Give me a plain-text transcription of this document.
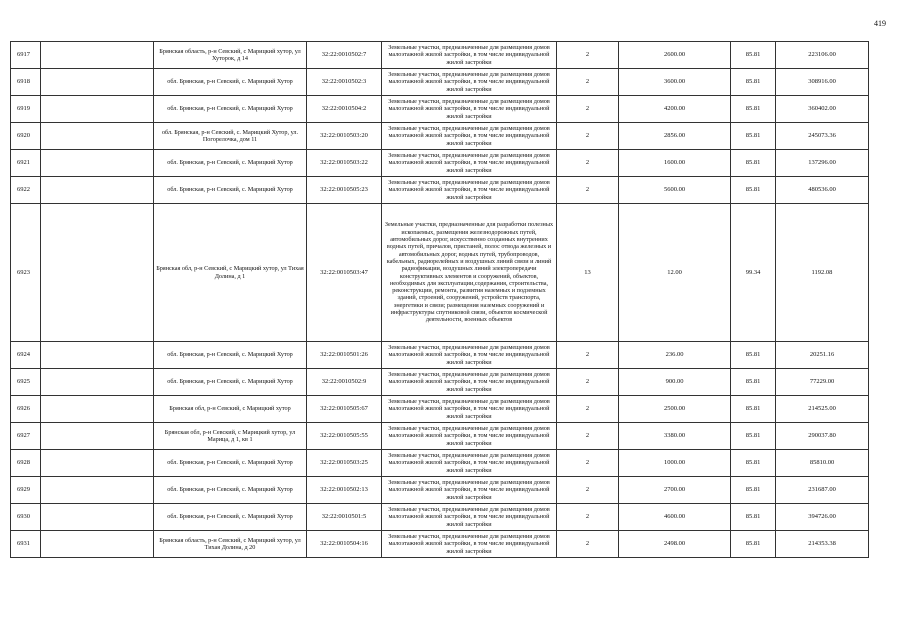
419
6917		Брянская область, р-н Севский, с Марицкий хутор, ул Хуторок, д 14	32:22:0010502:7	Земельные участки, предназначенные для размещения домов малоэтажной жилой застройки, в том числе индивидуальной жилой застройки	2	2600.00	85.81	223106.00
6918		обл. Брянская, р-н Севский, с. Марицкий Хутор	32:22:0010502:3	Земельные участки, предназначенные для размещения домов малоэтажной жилой застройки, в том числе индивидуальной жилой застройки	2	3600.00	85.81	308916.00
6919		обл. Брянская, р-н Севский, с. Марицкий Хутор	32:22:0010504:2	Земельные участки, предназначенные для размещения домов малоэтажной жилой застройки, в том числе индивидуальной жилой застройки	2	4200.00	85.81	360402.00
6920		обл. Брянская, р-н Севский, с. Марицкий Хутор, ул. Погорелочка, дом 11	32:22:0010503:20	Земельные участки, предназначенные для размещения домов малоэтажной жилой застройки, в том числе индивидуальной жилой застройки	2	2856.00	85.81	245073.36
6921		обл. Брянская, р-н Севский, с. Марицкий Хутор	32:22:0010503:22	Земельные участки, предназначенные для размещения домов малоэтажной жилой застройки, в том числе индивидуальной жилой застройки	2	1600.00	85.81	137296.00
6922		обл. Брянская, р-н Севский, с. Марицкий Хутор	32:22:0010505:23	Земельные участки, предназначенные для размещения домов малоэтажной жилой застройки, в том числе индивидуальной жилой застройки	2	5600.00	85.81	480536.00
6923		Брянская обл, р-н Севский, с Марицкий хутор, ул Тихая Долина, д 1	32:22:0010503:47	Земельные участки, предназначенные для разработки полезных ископаемых, размещения железнодорожных путей, автомобильных дорог, искусственно созданных внутренних водных путей, причалов, пристаней, полос отвода железных и автомобильных дорог, водных путей, трубопроводов, кабельных, радиорелейных и воздушных линий связи и линий радиофикации, воздушных линий электропередачи конструктивных элементов и сооружений, объектов, необходимых для эксплуатации,содержания, строительства, реконструкции, ремонта, развития наземных и подземных зданий, строений, сооружений, устройств транспорта, энергетики и связи; размещения наземных сооружений и инфраструктуры спутниковой связи, объектов космической деятельности, военных объектов	13	12.00	99.34	1192.08
6924		обл. Брянская, р-н Севский, с. Марицкий Хутор	32:22:0010501:26	Земельные участки, предназначенные для размещения домов малоэтажной жилой застройки, в том числе индивидуальной жилой застройки	2	236.00	85.81	20251.16
6925		обл. Брянская, р-н Севский, с. Марицкий Хутор	32:22:0010502:9	Земельные участки, предназначенные для размещения домов малоэтажной жилой застройки, в том числе индивидуальной жилой застройки	2	900.00	85.81	77229.00
6926		Брянская обл, р-н Севский, с Марицкий хутор	32:22:0010505:67	Земельные участки, предназначенные для размещения домов малоэтажной жилой застройки, в том числе индивидуальной жилой застройки	2	2500.00	85.81	214525.00
6927		Брянская обл, р-н Севский, с Марицкий хутор, ул Марица, д 1, кв 1	32:22:0010505:55	Земельные участки, предназначенные для размещения домов малоэтажной жилой застройки, в том числе индивидуальной жилой застройки	2	3380.00	85.81	290037.80
6928		обл. Брянская, р-н Севский, с. Марицкий Хутор	32:22:0010503:25	Земельные участки, предназначенные для размещения домов малоэтажной жилой застройки, в том числе индивидуальной жилой застройки	2	1000.00	85.81	85810.00
6929		обл. Брянская, р-н Севский, с. Марицкий Хутор	32:22:0010502:13	Земельные участки, предназначенные для размещения домов малоэтажной жилой застройки, в том числе индивидуальной жилой застройки	2	2700.00	85.81	231687.00
6930		обл. Брянская, р-н Севский, с. Марицкий Хутор	32:22:0010501:5	Земельные участки, предназначенные для размещения домов малоэтажной жилой застройки, в том числе индивидуальной жилой застройки	2	4600.00	85.81	394726.00
6931		Брянская область, р-н Севский, с Марицкий хутор, ул Тихая Долина, д 20	32:22:0010504:16	Земельные участки, предназначенные для размещения домов малоэтажной жилой застройки, в том числе индивидуальной жилой застройки	2	2498.00	85.81	214353.38
